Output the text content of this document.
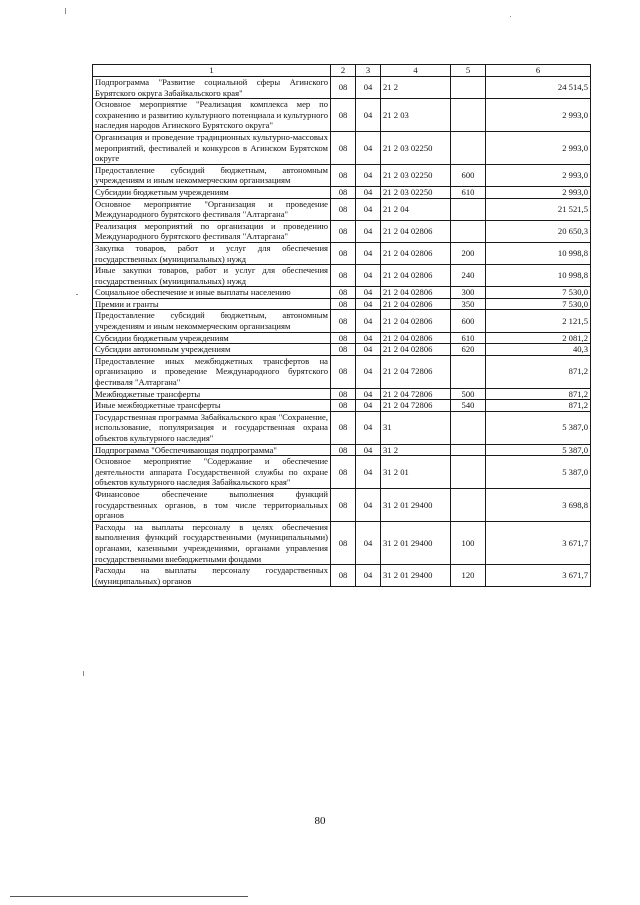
1	2	3	4	5	6
Подпрограмма "Развитие социальной сферы Агинского Бурятского округа Забайкальского края"	08	04	21 2		24 514,5
Основное мероприятие "Реализация комплекса мер по сохранению и развитию культурного потенциала и культурного наследия народов Агинского Бурятского округа"	08	04	21 2 03		2 993,0
Организация и проведение традиционных культурно-массовых мероприятий, фестивалей и конкурсов в Агинском Бурятском округе	08	04	21 2 03 02250		2 993,0
Предоставление субсидий бюджетным, автономным учреждениям и иным некоммерческим организациям	08	04	21 2 03 02250	600	2 993,0
Субсидии бюджетным учреждениям	08	04	21 2 03 02250	610	2 993,0
Основное мероприятие "Организация и проведение Международного бурятского фестиваля "Алтаргана"	08	04	21 2 04		21 521,5
Реализация мероприятий по организации и проведению Международного бурятского фестиваля "Алтаргана"	08	04	21 2 04 02806		20 650,3
Закупка товаров, работ и услуг для обеспечения государственных (муниципальных) нужд	08	04	21 2 04 02806	200	10 998,8
Иные закупки товаров, работ и услуг для обеспечения государственных (муниципальных) нужд	08	04	21 2 04 02806	240	10 998,8
Социальное обеспечение и иные выплаты населению	08	04	21 2 04 02806	300	7 530,0
Премии и гранты	08	04	21 2 04 02806	350	7 530,0
Предоставление субсидий бюджетным, автономным учреждениям и иным некоммерческим организациям	08	04	21 2 04 02806	600	2 121,5
Субсидии бюджетным учреждениям	08	04	21 2 04 02806	610	2 081,2
Субсидии автономным учреждениям	08	04	21 2 04 02806	620	40,3
Предоставление иных межбюджетных трансфертов на организацию и проведение Международного бурятского фестиваля "Алтаргана"	08	04	21 2 04 72806		871,2
Межбюджетные трансферты	08	04	21 2 04 72806	500	871,2
Иные межбюджетные трансферты	08	04	21 2 04 72806	540	871,2
Государственная программа Забайкальского края "Сохранение, использование, популяризация и государственная охрана объектов культурного наследия"	08	04	31		5 387,0
Подпрограмма "Обеспечивающая подпрограмма"	08	04	31 2		5 387,0
Основное мероприятие "Содержание и обеспечение деятельности аппарата Государственной службы по охране объектов культурного наследия Забайкальского края"	08	04	31 2 01		5 387,0
Финансовое обеспечение выполнения функций государственных органов, в том числе территориальных органов	08	04	31 2 01 29400		3 698,8
Расходы на выплаты персоналу в целях обеспечения выполнения функций государственными (муниципальными) органами, казенными учреждениями, органами управления государственными внебюджетными фондами	08	04	31 2 01 29400	100	3 671,7
Расходы на выплаты персоналу государственных (муниципальных) органов	08	04	31 2 01 29400	120	3 671,7
80
